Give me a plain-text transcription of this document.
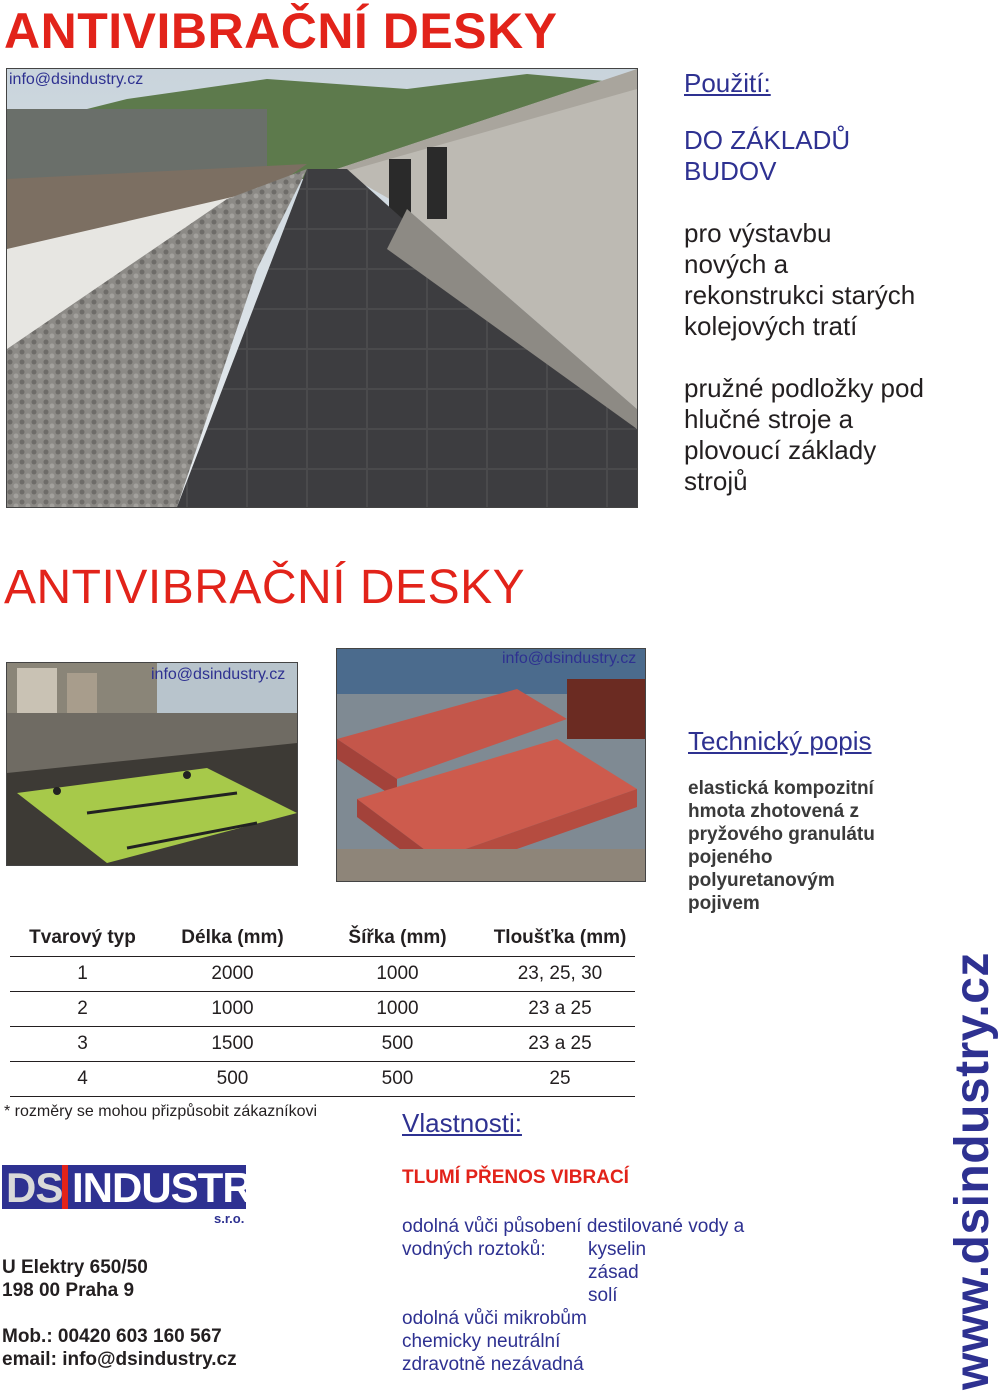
ANTIVIBRAČNÍ DESKY
info@dsindustry.cz	Použití:

DO ZÁKLADŮ

BUDOV

pro výstavbu

nových a

rekonstrukci starých

kolejových tratí

pružné podložky pod

hlučné stroje a

plovoucí základy

strojů

ANTIVIBRAČNÍ DESKY
info@dsindustry.cz
info@dsindustry.cz

Technický popis

elastická kompozitní

hmota zhotovená z

pryžového granulátu

pojeného

polyuretanovým

pojivem

Tvarový typ	Délka (mm)	Šířka (mm)	Tloušťka (mm)
1	2000	1000	23, 25, 30
2	1000	1000	23 a 25
3	1500	500	23 a 25
4	500	500	25

* rozměry se mohou přizpůsobit zákazníkovi

DS INDUSTRY
s.r.o.

U Elektry 650/50

198 00 Praha 9

Mob.: 00420 603 160 567

email: info@dsindustry.cz

Vlastnosti:

TLUMÍ PŘENOS VIBRACÍ

odolná vůči působení destilované vody a

vodných roztoků: kyselin

zásad

solí

odolná vůči mikrobům

chemicky neutrální

zdravotně nezávadná	www.dsindustry.cz
